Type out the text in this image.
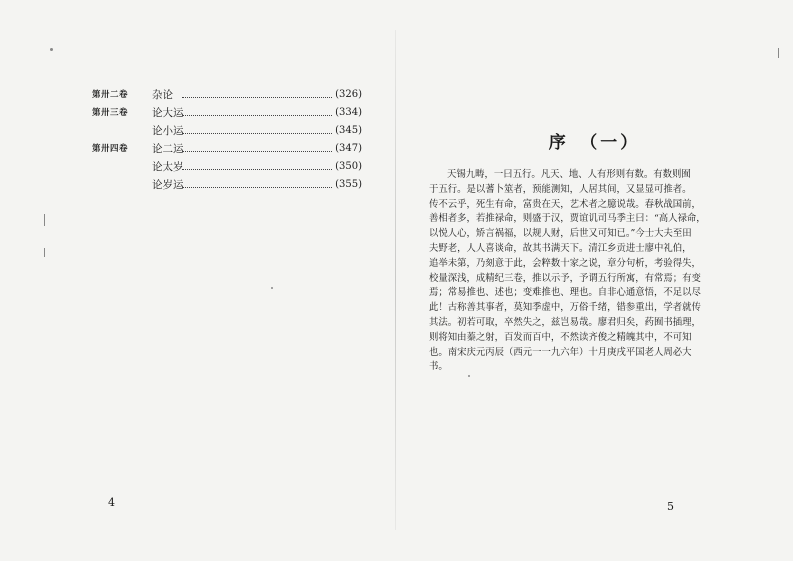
第卅二卷 杂论	(326)
第卅三卷 论大运	(334)
论小运	(345)
第卅四卷 论二运	(347)
论太岁	(350)
论岁运	(355)
4
序　（一）
天锡九畴，一曰五行。凡天、地、人有形则有数。有数则囿
于五行。是以蓍卜筮者，预能测知，人居其间，又显显可推者。
传不云乎，死生有命，富贵在天，艺术者之臆说哉。春秋战国前，
善相者多，若推禄命，则盛于汉，贾谊讥司马季主曰：“高人禄命，
以悦人心，矫言祸福，以规人财，后世又可知已。”今士大夫至田
夫野老，人人喜谈命，故其书满天下。清江乡贡进士廖中礼伯，
追举未第，乃刻意于此，会粹数十家之说，章分句析，考验得失，
校量深浅，成精纪三卷，推以示予，予谓五行所寓，有常焉；有变
焉；常易推也、述也；变难推也、理也。自非心通意悟，不足以尽
此！古称善其事者，莫知季虚中，万俗千绪，错参重出，学者就传
其法。初若可取，卒然失之，兹岂易哉。廖君归矣，药囿书插理，
则将知由蓁之射，百发而百中，不然读齐俊之精魄其中，不可知
也。南宋庆元丙辰（西元一一九六年）十月庚戌平国老人周必大
书。
5
